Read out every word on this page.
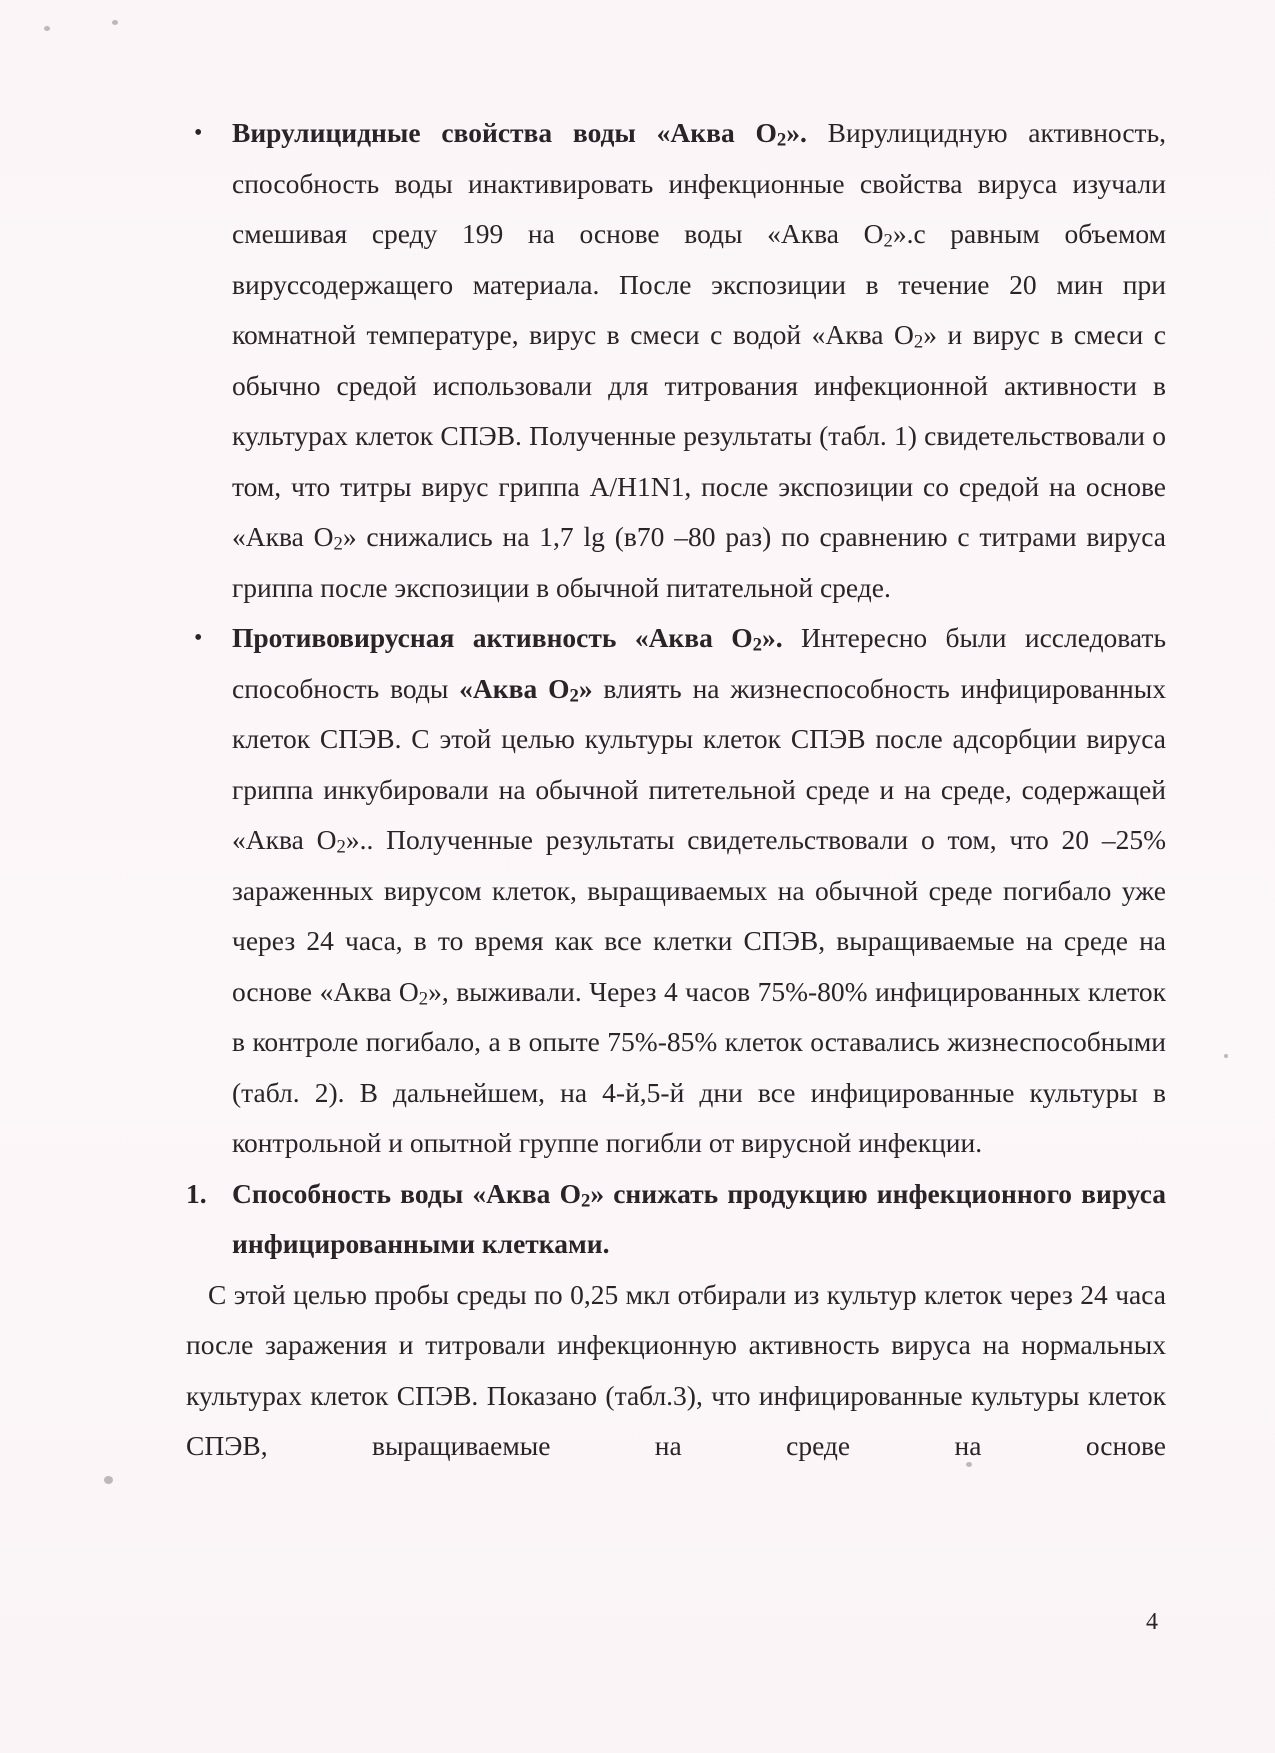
• Вирулицидные свойства воды «Аква $О_2$». Вирулицидную активность, способность воды инактивировать инфекционные свойства вируса изучали смешивая среду 199 на основе воды «Аква $О_2».с$ равным объемом вируссодержащего материала. После экспозиции в течение 20 мин при комнатной температуре, вирус в смеси с водой «Аква $О_2$» и вирус в смеси с обычно средой использовали для титрования инфекционной активности в культурах клеток СПЭВ. Полученные результаты (табл. 1) свидетельствовали о том, что титры вирус гриппа A/H1N1, после экспозиции со средой на основе «Аква $О_2$» снижались на 1,7 lg (в70 –80 раз) по сравнению с титрами вируса гриппа после экспозиции в обычной питательной среде.
• Противовирусная активность «Аква $О_2$». Интересно были исследовать способность воды «Аква $О_2$» влиять на жизнеспособность инфицированных клеток СПЭВ. С этой целью культуры клеток СПЭВ после адсорбции вируса гриппа инкубировали на обычной питетельной среде и на среде, содержащей «Аква $О_2$».. Полученные результаты свидетельствовали о том, что 20 –25% зараженных вирусом клеток, выращиваемых на обычной среде погибало уже через 24 часа, в то время как все клетки СПЭВ, выращиваемые на среде на основе «Аква $О_2$», выживали. Через 4 часов 75%-80% инфицированных клеток в контроле погибало, а в опыте 75%-85% клеток оставались жизнеспособными (табл. 2). В дальнейшем, на 4-й,5-й дни все инфицированные культуры в контрольной и опытной группе погибли от вирусной инфекции.
1. Способность воды «Аква $О_2$» снижать продукцию инфекционного вируса инфицированными клетками.
С этой целью пробы среды по 0,25 мкл отбирали из культур клеток через 24 часа после заражения и титровали инфекционную активность вируса на нормальных культурах клеток СПЭВ. Показано (табл.3), что инфицированные культуры клеток СПЭВ, выращиваемые на среде на основе
4
